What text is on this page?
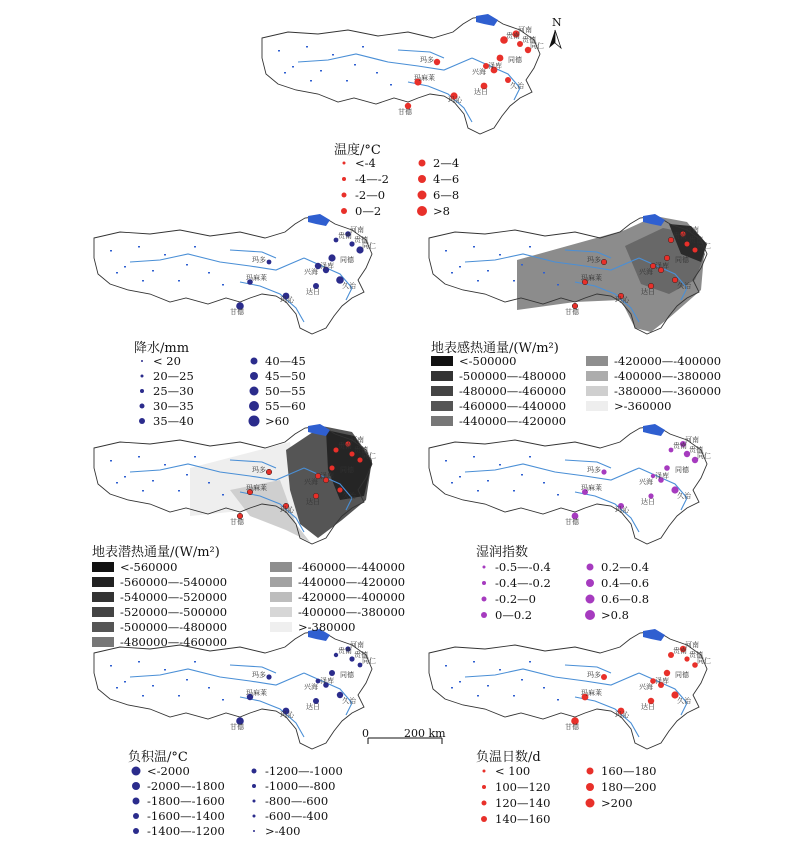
N
玛多
玛麻莱
兴海
同德
贵南 贵德
甘德
玛沁
达日
久治
泽库
河南
同仁
玛多
玛麻莱
兴海
同德
贵南 贵德
甘德
玛沁
达日
久治
泽库
河南
同仁
玛多
玛麻莱
兴海
同德
贵南 贵德
甘德
玛沁
达日
久治
泽库
河南
同仁
玛多
玛麻莱
兴海
同德
贵南 贵德
甘德
玛沁
达日
久治
泽库
河南
同仁
玛多
玛麻莱
兴海
同德
贵南 贵德
甘德
玛沁
达日
久治
泽库
河南
同仁
玛多
玛麻莱
兴海
同德
贵南 贵德
甘德
玛沁
达日
久治
泽库
河南
同仁
玛多
玛麻莱
兴海
同德
贵南 贵德
甘德
玛沁
达日
久治
泽库
河南
同仁
0	200 km
温度/°C
降水/mm	地表感热通量/(W/m²)
地表潜热通量/(W/m²)	湿润指数
负积温/°C	负温日数/d
<-4
-4—-2
-2—0
0—2
2—4
4—6
6—8
>8
< 20
20—25
25—30
30—35
35—40
40—45
45—50
50—55
55—60
>60
<-500000
-500000—-480000
-480000—-460000
-460000—-440000
-440000—-420000
-420000—-400000
-400000—-380000
-380000—-360000
>-360000
<-560000
-560000—-540000
-540000—-520000
-520000—-500000
-500000—-480000
-480000—-460000
-460000—-440000
-440000—-420000
-420000—-400000
-400000—-380000
>-380000
-0.5—-0.4
-0.4—-0.2
-0.2—0
0—0.2
0.2—0.4
0.4—0.6
0.6—0.8
>0.8
<-2000
-2000—-1800
-1800—-1600
-1600—-1400
-1400—-1200
-1200—-1000
-1000—-800
-800—-600
-600—-400
>-400
< 100
100—120
120—140
140—160
160—180
180—200
>200
